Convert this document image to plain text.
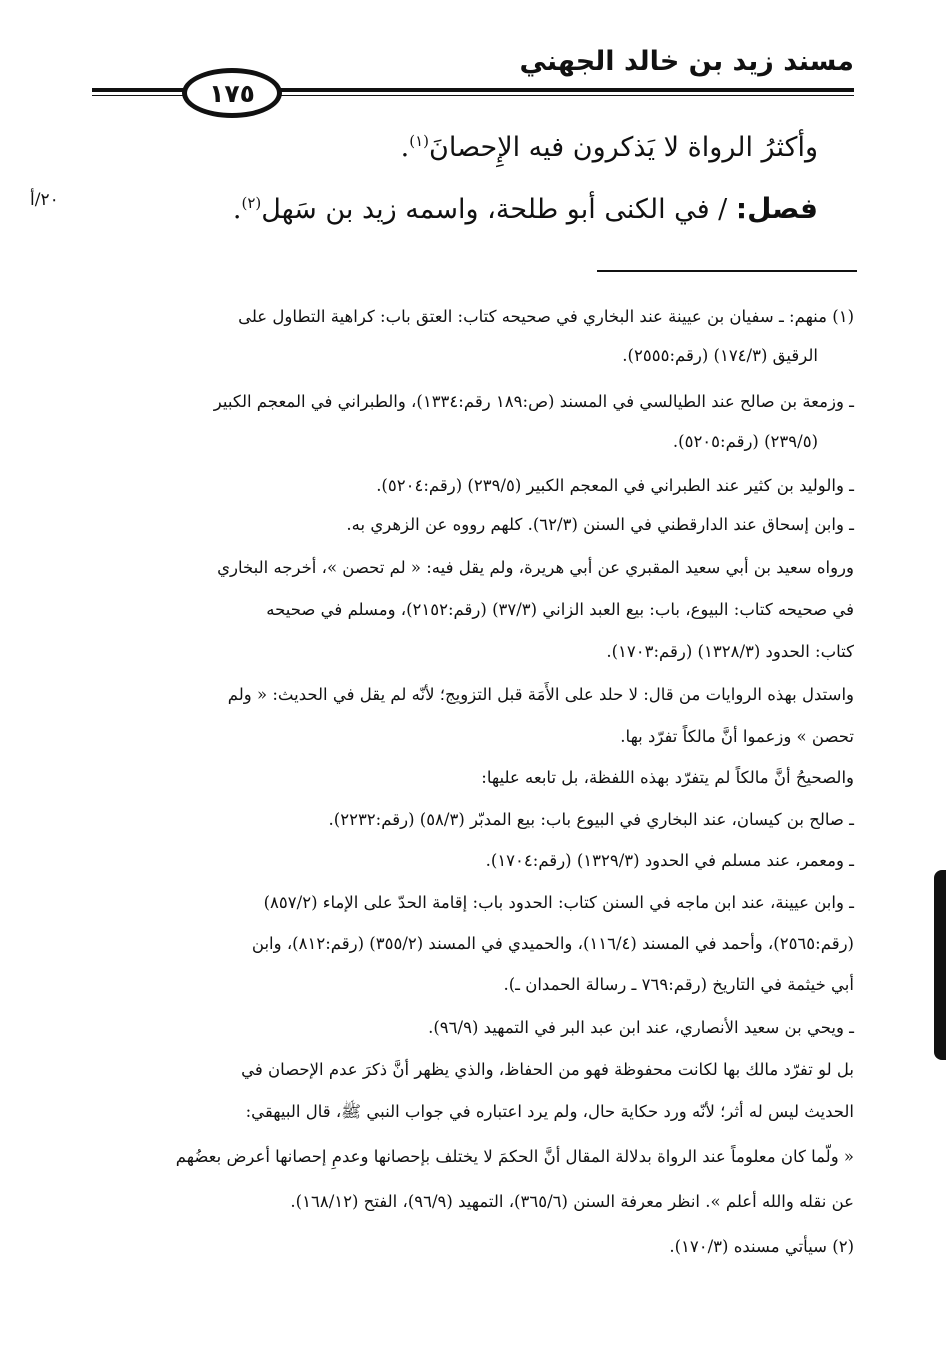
مسند زيد بن خالد الجهني
١٧٥
٢٠/أ
وأكثرُ الرواة لا يَذكرون فيه الإِحصانَ$^{(١)}$.
فصل: / في الكنى أبو طلحة، واسمه زيد بن سَهل$^{(٢)}$.
(١) منهم: ـ سفيان بن عيينة عند البخاري في صحيحه كتاب: العتق باب: كراهية التطاول على
الرقيق (١٧٤/٣) (رقم:٢٥٥٥).
ـ وزمعة بن صالح عند الطيالسي في المسند (ص:١٨٩ رقم:١٣٣٤)، والطبراني في المعجم الكبير
(٢٣٩/٥) (رقم:٥٢٠٥).
ـ والوليد بن كثير عند الطبراني في المعجم الكبير (٢٣٩/٥) (رقم:٥٢٠٤).
ـ وابن إسحاق عند الدارقطني في السنن (٦٢/٣). كلهم رووه عن الزهري به.
ورواه سعيد بن أبي سعيد المقبري عن أبي هريرة، ولم يقل فيه: « لم تحصن »، أخرجه البخاري
في صحيحه كتاب: البيوع، باب: بيع العبد الزاني (٣٧/٣) (رقم:٢١٥٢)، ومسلم في صحيحه
كتاب: الحدود (١٣٢٨/٣) (رقم:١٧٠٣).
واستدل بهذه الروايات من قال: لا حلد على الأَمَة قبل التزويج؛ لأنّه لم يقل في الحديث: « ولم
تحصن » وزعموا أنَّ مالكاً تفرّد بها.
والصحيحُ أنَّ مالكاً لم يتفرّد بهذه اللفظة، بل تابعه عليها:
ـ صالح بن كيسان، عند البخاري في البيوع باب: بيع المدبّر (٥٨/٣) (رقم:٢٢٣٢).
ـ ومعمر، عند مسلم في الحدود (١٣٢٩/٣) (رقم:١٧٠٤).
ـ وابن عيينة، عند ابن ماجه في السنن كتاب: الحدود باب: إقامة الحدّ على الإماء (٨٥٧/٢)
(رقم:٢٥٦٥)، وأحمد في المسند (١١٦/٤)، والحميدي في المسند (٣٥٥/٢) (رقم:٨١٢)، وابن
أبي خيثمة في التاريخ (رقم:٧٦٩ ـ رسالة الحمدان ـ).
ـ ويحي بن سعيد الأنصاري، عند ابن عبد البر في التمهيد (٩٦/٩).
بل لو تفرّد مالك بها لكانت محفوظة فهو من الحفاظ، والذي يظهر أنَّ ذكرَ عدم الإحصان في
الحديث ليس له أثر؛ لأنّه ورد حكاية حال، ولم يرد اعتباره في جواب النبي ﷺ، قال البيهقي:
« ولّما كان معلوماً عند الرواة بدلالة المقال أنَّ الحكمَ لا يختلف بإحصانها وعدمِ إحصانها أعرض بعضُهم
عن نقله والله أعلم ». انظر معرفة السنن (٣٦٥/٦)، التمهيد (٩٦/٩)، الفتح (١٦٨/١٢).
(٢) سيأتي مسنده (١٧٠/٣).
